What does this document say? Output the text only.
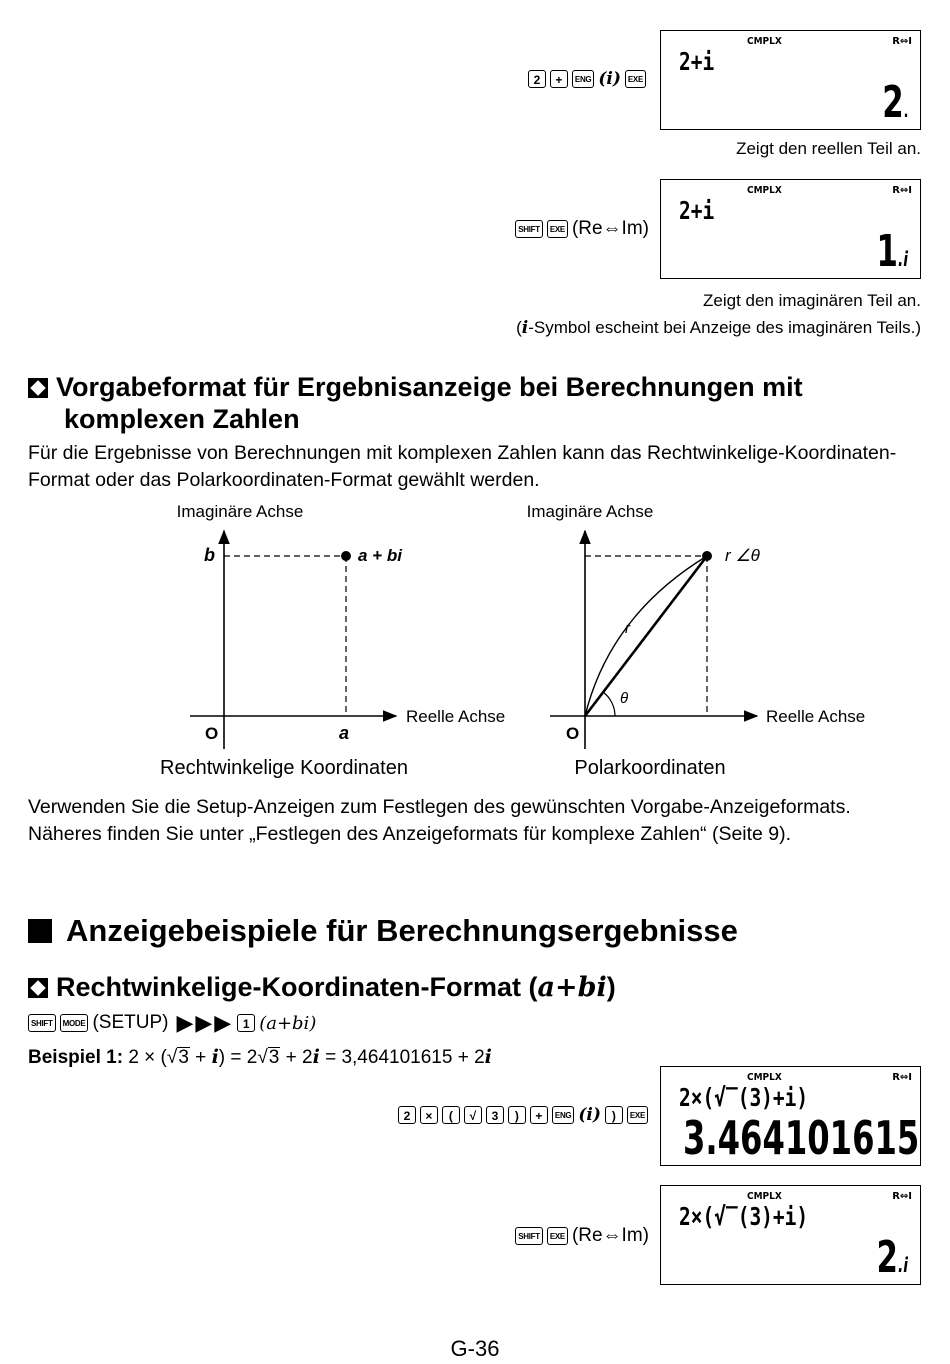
2	+	ENG (i) EXE
CMPLX	R⇔I
2+i
2.
Zeigt den reellen Teil an.
SHIFT	EXE (Re⇔Im)
CMPLX	R⇔I
2+i
1.i
Zeigt den imaginären Teil an.
(i-Symbol escheint bei Anzeige des imaginären Teils.)
Vorgabeformat für Ergebnisanzeige bei Berechnungen mit
komplexen Zahlen
Für die Ergebnisse von Berechnungen mit komplexen Zahlen kann das Rechtwinkelige-Koordinaten-Format oder das Polarkoordinaten-Format gewählt werden.
Imaginäre Achse
b	a + bi
O	a
Reelle Achse
Rechtwinkelige Koordinaten
Imaginäre Achse
r
θ
r ∠θ
O
Reelle Achse
Polarkoordinaten
Verwenden Sie die Setup-Anzeigen zum Festlegen des gewünschten Vorgabe-Anzeigeformats. Näheres finden Sie unter „Festlegen des Anzeigeformats für komplexe Zahlen“ (Seite 9).
Anzeigebeispiele für Berechnungsergebnisse
Rechtwinkelige-Koordinaten-Format (a+bi)
SHIFT	MODE (SETUP) ▶ ▶ ▶ 1 (a+bi)
Beispiel 1: 2 × (√3 + i) = 2√3 + 2i = 3,464101615 + 2i
2	×	(	√	3	)	+	ENG (i) )	EXE
CMPLX	R⇔I
2×(√‾(3)+i)
3.464101615
SHIFT	EXE (Re⇔Im)
CMPLX	R⇔I
2×(√‾(3)+i)
2.i
G-36
